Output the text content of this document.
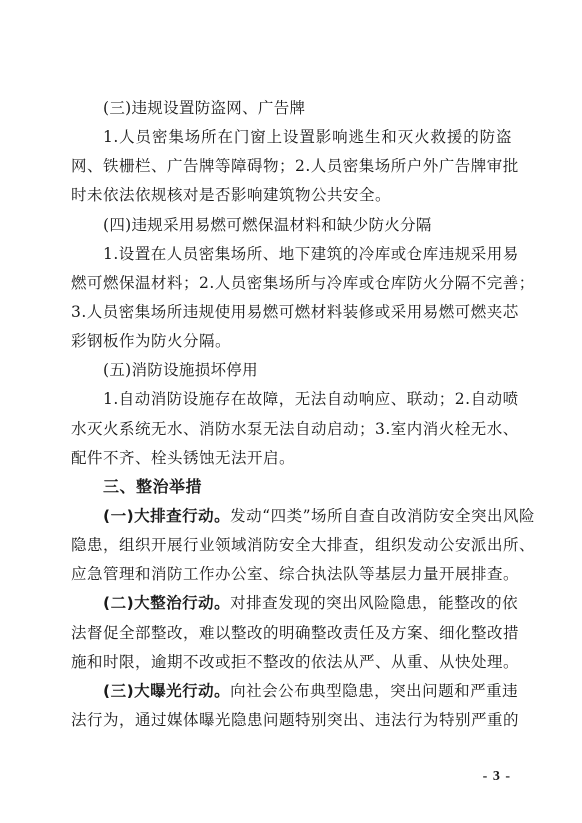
(三)违规设置防盗网、广告牌
1.人员密集场所在门窗上设置影响逃生和灭火救援的防盗
网、铁栅栏、广告牌等障碍物；2.人员密集场所户外广告牌审批
时未依法依规核对是否影响建筑物公共安全。
(四)违规采用易燃可燃保温材料和缺少防火分隔
1.设置在人员密集场所、地下建筑的冷库或仓库违规采用易
燃可燃保温材料；2.人员密集场所与冷库或仓库防火分隔不完善；
3.人员密集场所违规使用易燃可燃材料装修或采用易燃可燃夹芯
彩钢板作为防火分隔。
(五)消防设施损坏停用
1.自动消防设施存在故障，无法自动响应、联动；2.自动喷
水灭火系统无水、消防水泵无法自动启动；3.室内消火栓无水、
配件不齐、栓头锈蚀无法开启。
三、整治举措
(一)大排查行动。发动“四类”场所自查自改消防安全突出风险
隐患，组织开展行业领域消防安全大排查，组织发动公安派出所、
应急管理和消防工作办公室、综合执法队等基层力量开展排查。
(二)大整治行动。对排查发现的突出风险隐患，能整改的依
法督促全部整改，难以整改的明确整改责任及方案、细化整改措
施和时限，逾期不改或拒不整改的依法从严、从重、从快处理。
(三)大曝光行动。向社会公布典型隐患，突出问题和严重违
法行为，通过媒体曝光隐患问题特别突出、违法行为特别严重的
- 3 -
